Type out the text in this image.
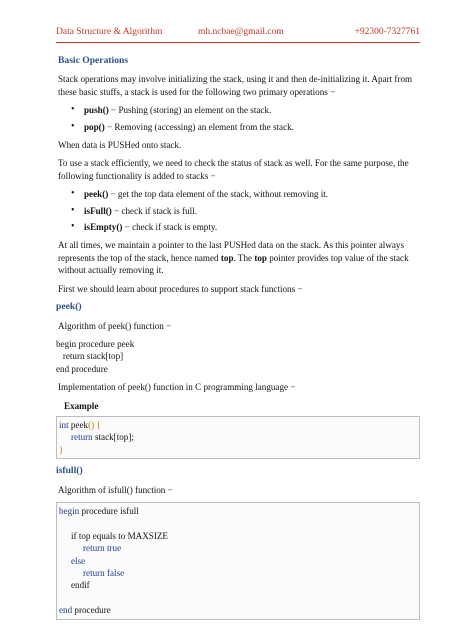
Data Structure & Algorithm	mh.ncbae@gmail.com	+92300-7327761
Basic Operations

Stack operations may involve initializing the stack, using it and then de-initializing it. Apart from these basic stuffs, a stack is used for the following two primary operations −

• push() − Pushing (storing) an element on the stack.
• pop() − Removing (accessing) an element from the stack.

When data is PUSHed onto stack.

To use a stack efficiently, we need to check the status of stack as well. For the same purpose, the following functionality is added to stacks −

• peek() − get the top data element of the stack, without removing it.
• isFull() − check if stack is full.
• isEmpty() − check if stack is empty.

At all times, we maintain a pointer to the last PUSHed data on the stack. As this pointer always represents the top of the stack, hence named top. The top pointer provides top value of the stack without actually removing it.

First we should learn about procedures to support stack functions −

peek()

Algorithm of peek() function −

begin procedure peek
return stack[top]
end procedure

Implementation of peek() function in C programming language −

Example
int peek() {
return stack[top];
}
isfull()

Algorithm of isfull() function −

begin procedure isfull

if top equals to MAXSIZE
return true
else
return false
endif

end procedure
